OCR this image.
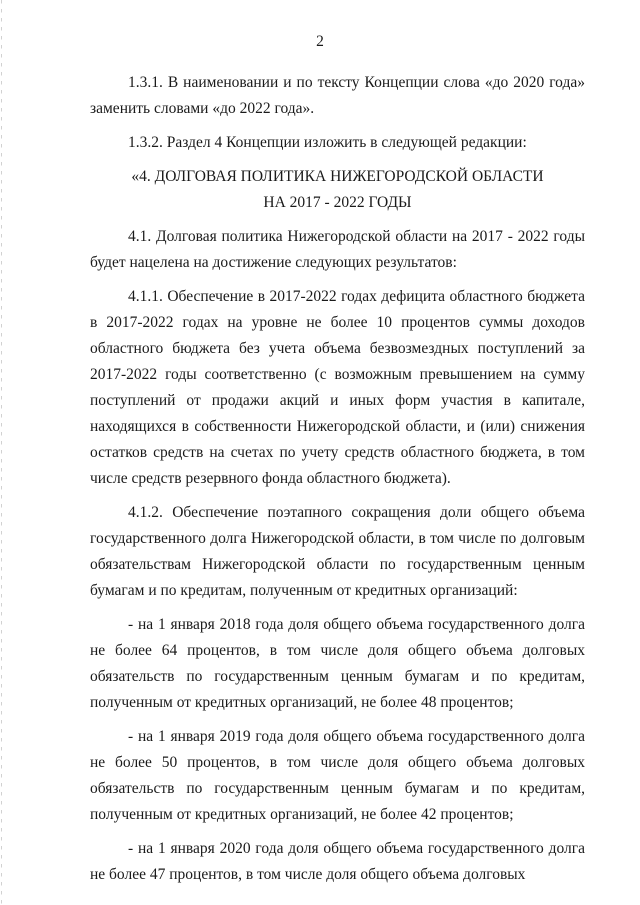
2

1.3.1. В наименовании и по тексту Концепции слова «до 2020 года» заменить словами «до 2022 года».

1.3.2. Раздел 4 Концепции изложить в следующей редакции:

«4. ДОЛГОВАЯ ПОЛИТИКА НИЖЕГОРОДСКОЙ ОБЛАСТИ
НА 2017 - 2022 ГОДЫ

4.1. Долговая политика Нижегородской области на 2017 - 2022 годы будет нацелена на достижение следующих результатов:

4.1.1. Обеспечение в 2017-2022 годах дефицита областного бюджета в 2017-2022 годах на уровне не более 10 процентов суммы доходов областного бюджета без учета объема безвозмездных поступлений за 2017-2022 годы соответственно (с возможным превышением на сумму поступлений от продажи акций и иных форм участия в капитале, находящихся в собственности Нижегородской области, и (или) снижения остатков средств на счетах по учету средств областного бюджета, в том числе средств резервного фонда областного бюджета).

4.1.2. Обеспечение поэтапного сокращения доли общего объема государственного долга Нижегородской области, в том числе по долговым обязательствам Нижегородской области по государственным ценным бумагам и по кредитам, полученным от кредитных организаций:

- на 1 января 2018 года доля общего объема государственного долга не более 64 процентов, в том числе доля общего объема долговых обязательств по государственным ценным бумагам и по кредитам, полученным от кредитных организаций, не более 48 процентов;

- на 1 января 2019 года доля общего объема государственного долга не более 50 процентов, в том числе доля общего объема долговых обязательств по государственным ценным бумагам и по кредитам, полученным от кредитных организаций, не более 42 процентов;

- на 1 января 2020 года доля общего объема государственного долга не более 47 процентов, в том числе доля общего объема долговых
